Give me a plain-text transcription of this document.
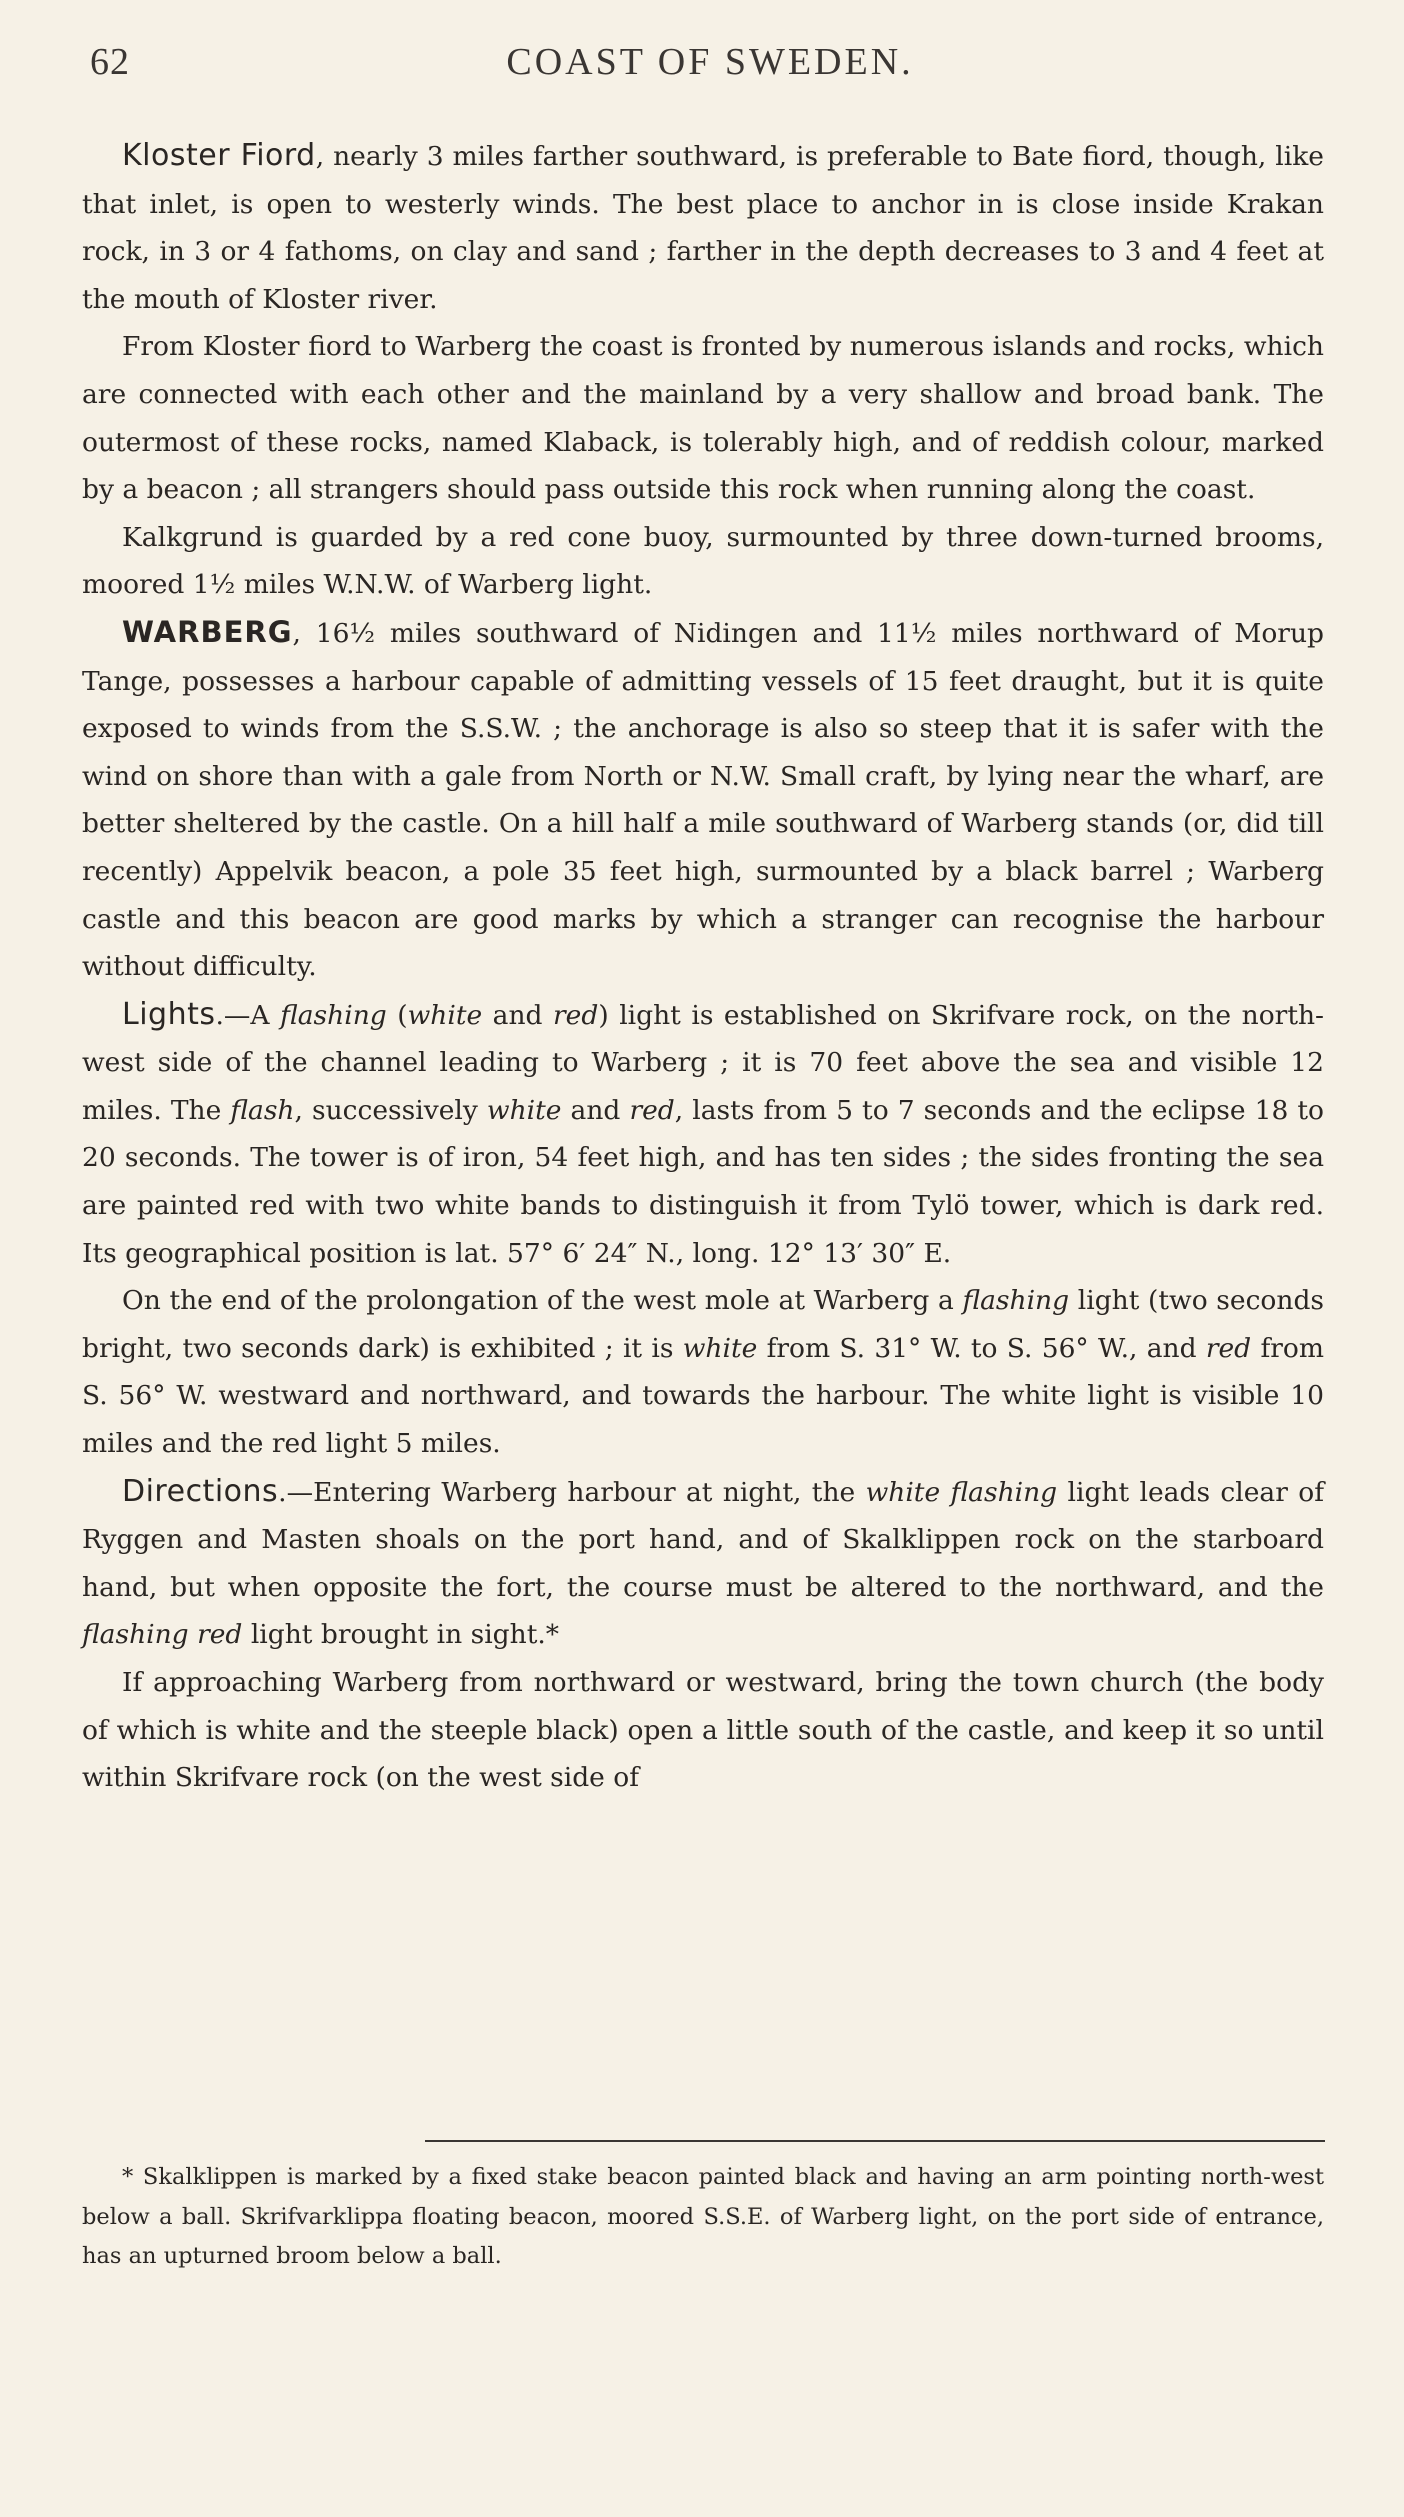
62	COAST OF SWEDEN.

Kloster Fiord, nearly 3 miles farther southward, is preferable to Bate fiord, though, like that inlet, is open to westerly winds. The best place to anchor in is close inside Krakan rock, in 3 or 4 fathoms, on clay and sand ; farther in the depth decreases to 3 and 4 feet at the mouth of Kloster river.

From Kloster fiord to Warberg the coast is fronted by numerous islands and rocks, which are connected with each other and the mainland by a very shallow and broad bank. The outermost of these rocks, named Klaback, is tolerably high, and of reddish colour, marked by a beacon ; all strangers should pass outside this rock when running along the coast.

Kalkgrund is guarded by a red cone buoy, surmounted by three down-turned brooms, moored 1½ miles W.N.W. of Warberg light.

WARBERG, 16½ miles southward of Nidingen and 11½ miles northward of Morup Tange, possesses a harbour capable of admitting vessels of 15 feet draught, but it is quite exposed to winds from the S.S.W. ; the anchorage is also so steep that it is safer with the wind on shore than with a gale from North or N.W. Small craft, by lying near the wharf, are better sheltered by the castle. On a hill half a mile southward of Warberg stands (or, did till recently) Appelvik beacon, a pole 35 feet high, surmounted by a black barrel ; Warberg castle and this beacon are good marks by which a stranger can recognise the harbour without difficulty.

Lights.—A flashing (white and red) light is established on Skrifvare rock, on the north-west side of the channel leading to Warberg ; it is 70 feet above the sea and visible 12 miles. The flash, successively white and red, lasts from 5 to 7 seconds and the eclipse 18 to 20 seconds. The tower is of iron, 54 feet high, and has ten sides ; the sides fronting the sea are painted red with two white bands to distinguish it from Tylö tower, which is dark red. Its geographical position is lat. 57° 6′ 24″ N., long. 12° 13′ 30″ E.

On the end of the prolongation of the west mole at Warberg a flashing light (two seconds bright, two seconds dark) is exhibited ; it is white from S. 31° W. to S. 56° W., and red from S. 56° W. westward and northward, and towards the harbour. The white light is visible 10 miles and the red light 5 miles.

Directions.—Entering Warberg harbour at night, the white flashing light leads clear of Ryggen and Masten shoals on the port hand, and of Skalklippen rock on the starboard hand, but when opposite the fort, the course must be altered to the northward, and the flashing red light brought in sight.*

If approaching Warberg from northward or westward, bring the town church (the body of which is white and the steeple black) open a little south of the castle, and keep it so until within Skrifvare rock (on the west side of

* Skalklippen is marked by a fixed stake beacon painted black and having an arm pointing north-west below a ball. Skrifvarklippa floating beacon, moored S.S.E. of Warberg light, on the port side of entrance, has an upturned broom below a ball.
